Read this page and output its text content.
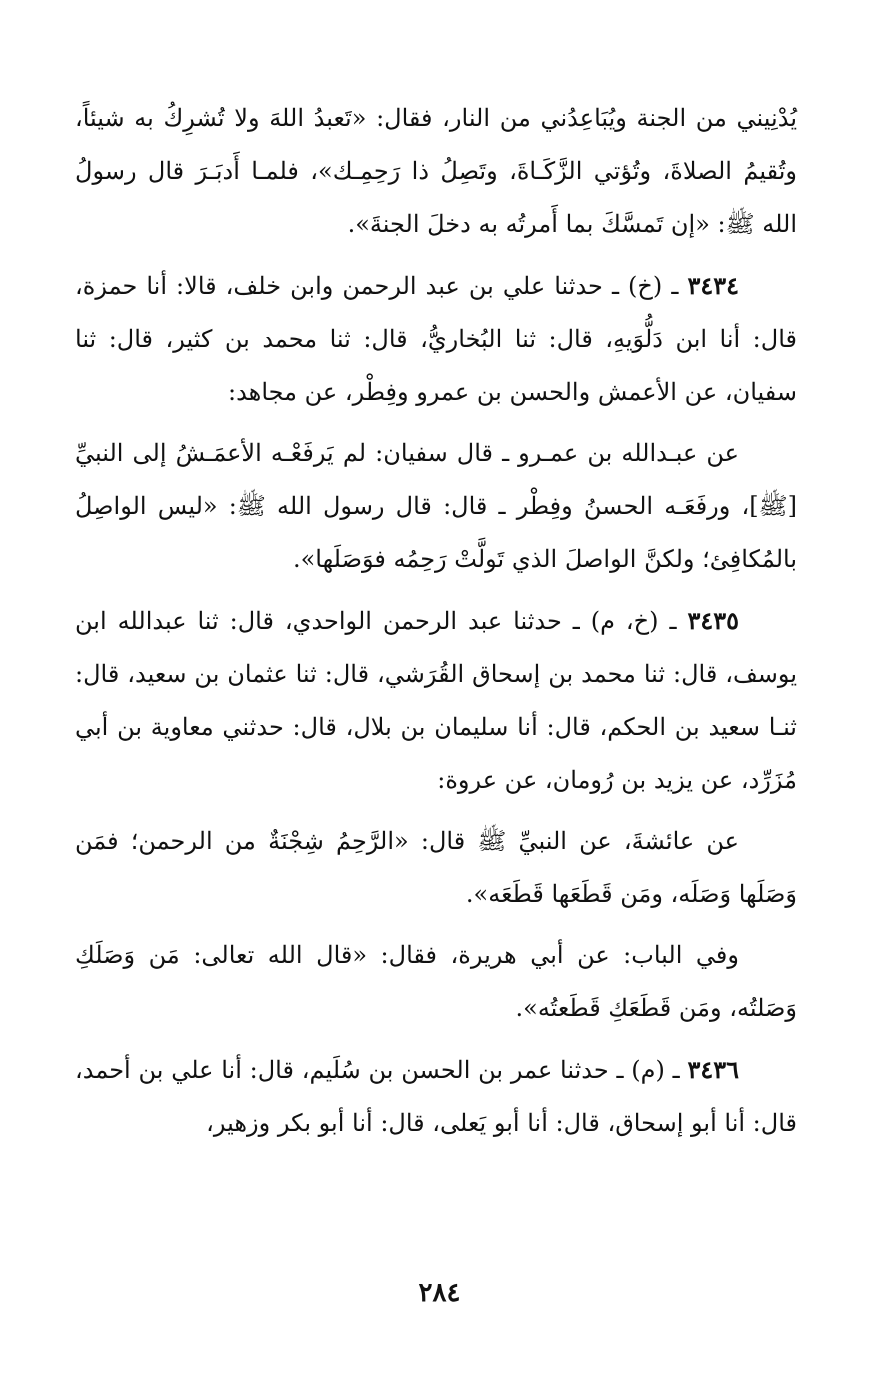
يُدْنِيني من الجنة ويُبَاعِدُني من النار، فقال: «تَعبدُ اللهَ ولا تُشرِكُ به شيئاً، وتُقيمُ الصلاةَ، وتُؤتي الزَّكَـاةَ، وتَصِلُ ذا رَحِمِـك»، فلمـا أَدبَـرَ قال رسولُ الله ﷺ: «إن تَمسَّكَ بما أَمرتُه به دخلَ الجنةَ».

٣٤٣٤ ـ (خ) ـ حدثنا علي بن عبد الرحمن وابن خلف، قالا: أنا حمزة، قال: أنا ابن دَلُّوَيهِ، قال: ثنا البُخاريُّ، قال: ثنا محمد بن كثير، قال: ثنا سفيان، عن الأعمش والحسن بن عمرو وفِطْر، عن مجاهد:

عن عبـدالله بن عمـرو ـ قال سفيان: لم يَرفَعْـه الأعمَـشُ إلى النبيِّ [ﷺ]، ورفَعَـه الحسنُ وفِطْر ـ قال: قال رسول الله ﷺ: «ليس الواصِلُ بالمُكافِئ؛ ولكنَّ الواصلَ الذي تَولَّتْ رَحِمُه فوَصَلَها».

٣٤٣٥ ـ (خ، م) ـ حدثنا عبد الرحمن الواحدي، قال: ثنا عبدالله ابن يوسف، قال: ثنا محمد بن إسحاق القُرَشي، قال: ثنا عثمان بن سعيد، قال: ثنـا سعيد بن الحكم، قال: أنا سليمان بن بلال، قال: حدثني معاوية بن أبي مُزَرِّد، عن يزيد بن رُومان، عن عروة:

عن عائشةَ، عن النبيِّ ﷺ قال: «الرَّحِمُ شِجْنَةٌ من الرحمن؛ فمَن وَصَلَها وَصَلَه، ومَن قَطَعَها قَطَعَه».

وفي الباب: عن أبي هريرة، فقال: «قال الله تعالى: مَن وَصَلَكِ وَصَلتُه، ومَن قَطَعَكِ قَطَعتُه».

٣٤٣٦ ـ (م) ـ حدثنا عمر بن الحسن بن سُلَيم، قال: أنا علي بن أحمد، قال: أنا أبو إسحاق، قال: أنا أبو يَعلى، قال: أنا أبو بكر وزهير،

٢٨٤
